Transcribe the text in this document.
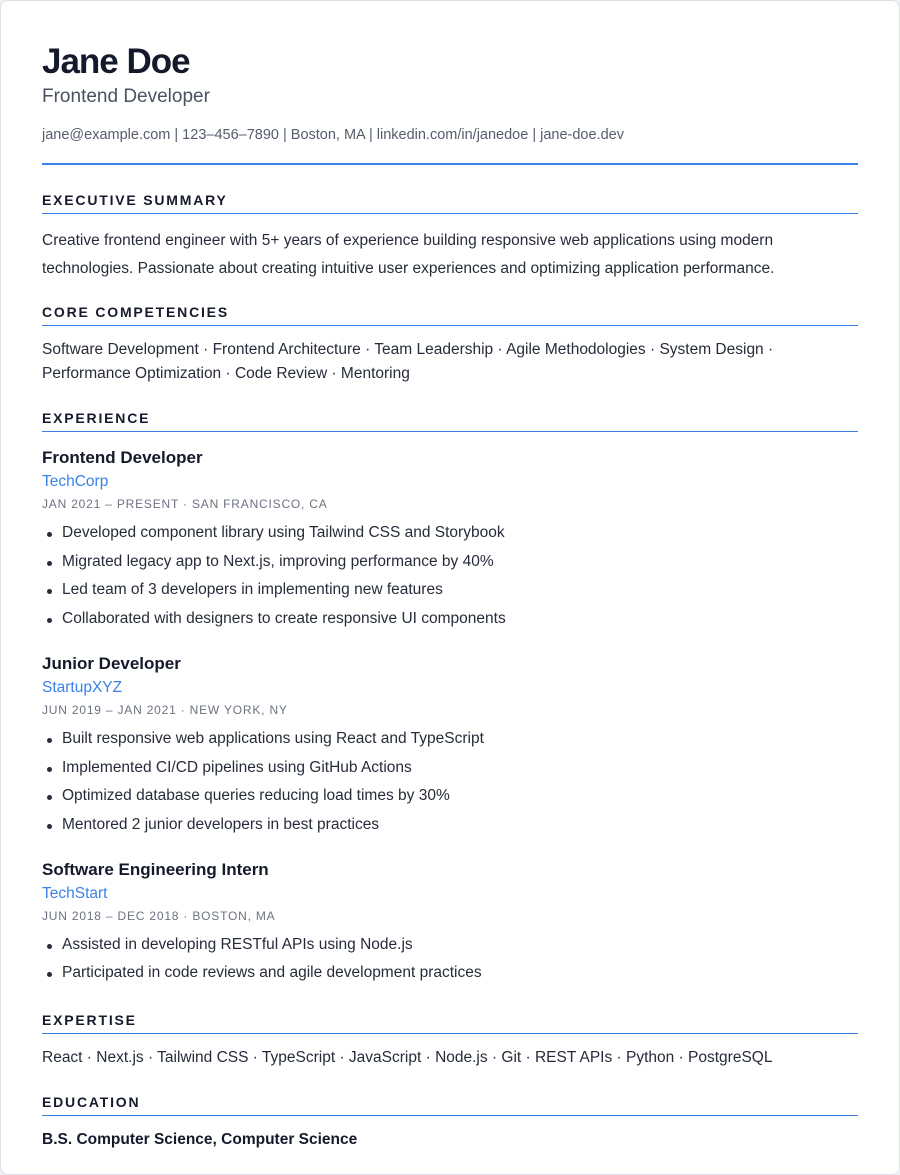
Jane Doe
Frontend Developer
jane@example.com | 123–456–7890 | Boston, MA | linkedin.com/in/janedoe | jane-doe.dev
EXECUTIVE SUMMARY
Creative frontend engineer with 5+ years of experience building responsive web applications using modern technologies. Passionate about creating intuitive user experiences and optimizing application performance.
CORE COMPETENCIES
Software Development · Frontend Architecture · Team Leadership · Agile Methodologies · System Design · Performance Optimization · Code Review · Mentoring
EXPERIENCE
Frontend Developer
TechCorp
JAN 2021 – PRESENT · SAN FRANCISCO, CA
Developed component library using Tailwind CSS and Storybook
Migrated legacy app to Next.js, improving performance by 40%
Led team of 3 developers in implementing new features
Collaborated with designers to create responsive UI components
Junior Developer
StartupXYZ
JUN 2019 – JAN 2021 · NEW YORK, NY
Built responsive web applications using React and TypeScript
Implemented CI/CD pipelines using GitHub Actions
Optimized database queries reducing load times by 30%
Mentored 2 junior developers in best practices
Software Engineering Intern
TechStart
JUN 2018 – DEC 2018 · BOSTON, MA
Assisted in developing RESTful APIs using Node.js
Participated in code reviews and agile development practices
EXPERTISE
React · Next.js · Tailwind CSS · TypeScript · JavaScript · Node.js · Git · REST APIs · Python · PostgreSQL
EDUCATION
B.S. Computer Science, Computer Science
